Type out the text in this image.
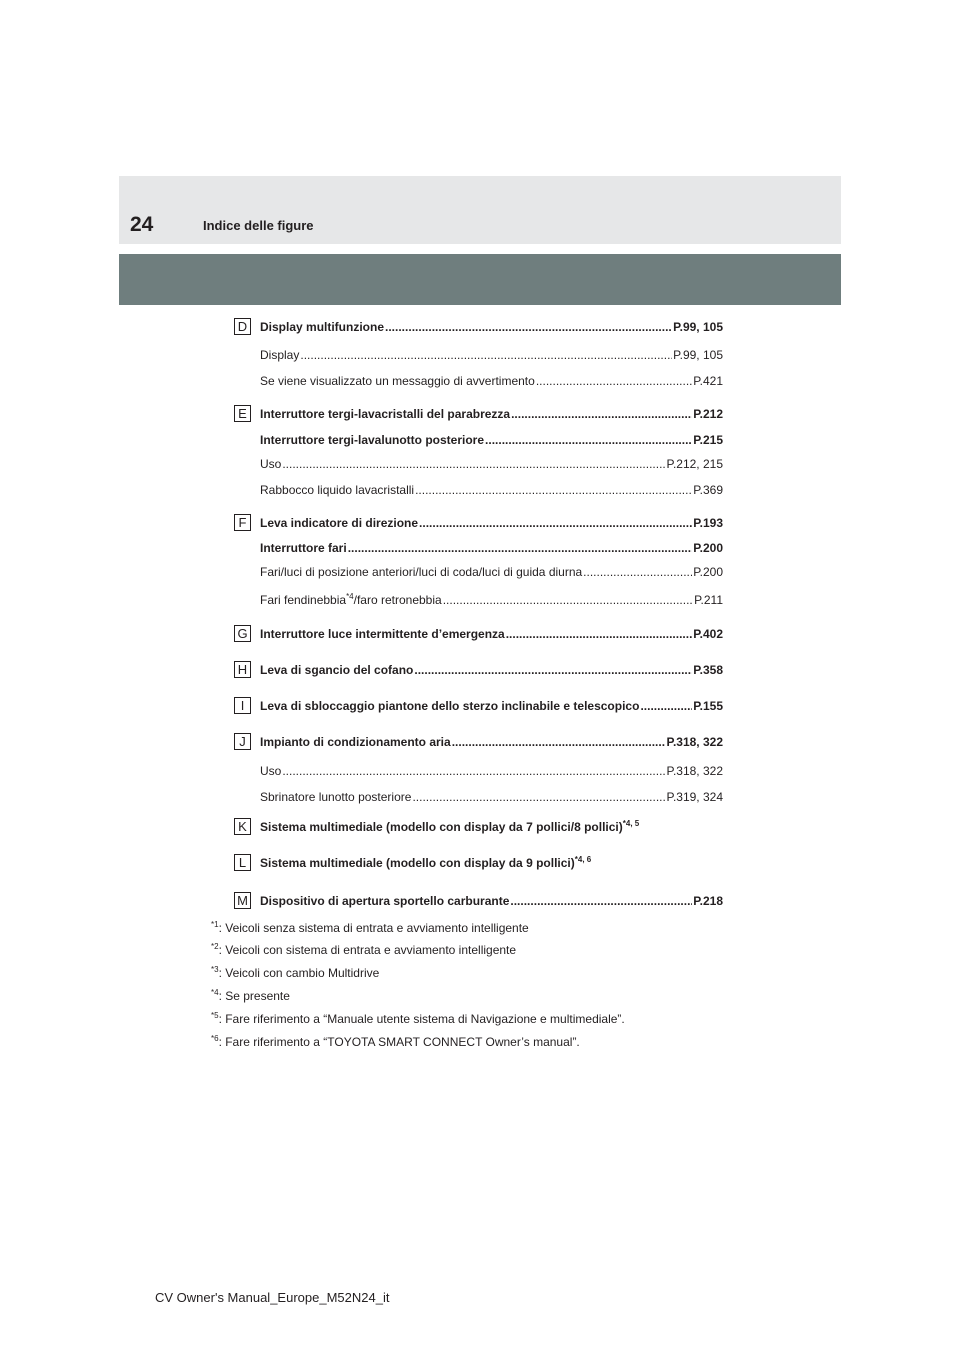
24	Indice delle figure
D	Display multifunzione .....	P.99, 105
Display .....	P.99, 105
Se viene visualizzato un messaggio di avvertimento .....	P.421
E	Interruttore tergi-lavacristalli del parabrezza .....	P.212
Interruttore tergi-lavalunotto posteriore .....	P.215
Uso .....	P.212, 215
Rabbocco liquido lavacristalli .....	P.369
F	Leva indicatore di direzione .....	P.193
Interruttore fari .....	P.200
Fari/luci di posizione anteriori/luci di coda/luci di guida diurna .....	P.200
Fari fendinebbia$^{*4}$/faro retronebbia .....	P.211
G Interruttore luce intermittente d’emergenza .....	P.402
H	Leva di sgancio del cofano .....	P.358
I	Leva di sbloccaggio piantone dello sterzo inclinabile e telescopico .....	P.155
J	Impianto di condizionamento aria .....	P.318, 322
Uso .....	P.318, 322
Sbrinatore lunotto posteriore .....	P.319, 324
K	Sistema multimediale (modello con display da 7 pollici/8 pollici)$^{*4, 5}$
L	Sistema multimediale (modello con display da 9 pollici)$^{*4, 6}$
M Dispositivo di apertura sportello carburante .....	P.218
$^{*1}$: Veicoli senza sistema di entrata e avviamento intelligente
$^{*2}$: Veicoli con sistema di entrata e avviamento intelligente
$^{*3}$: Veicoli con cambio Multidrive
$^{*4}$: Se presente
$^{*5}$: Fare riferimento a “Manuale utente sistema di Navigazione e multimediale”.
$^{*6}$: Fare riferimento a “TOYOTA SMART CONNECT Owner’s manual”.
CV Owner's Manual_Europe_M52N24_it
